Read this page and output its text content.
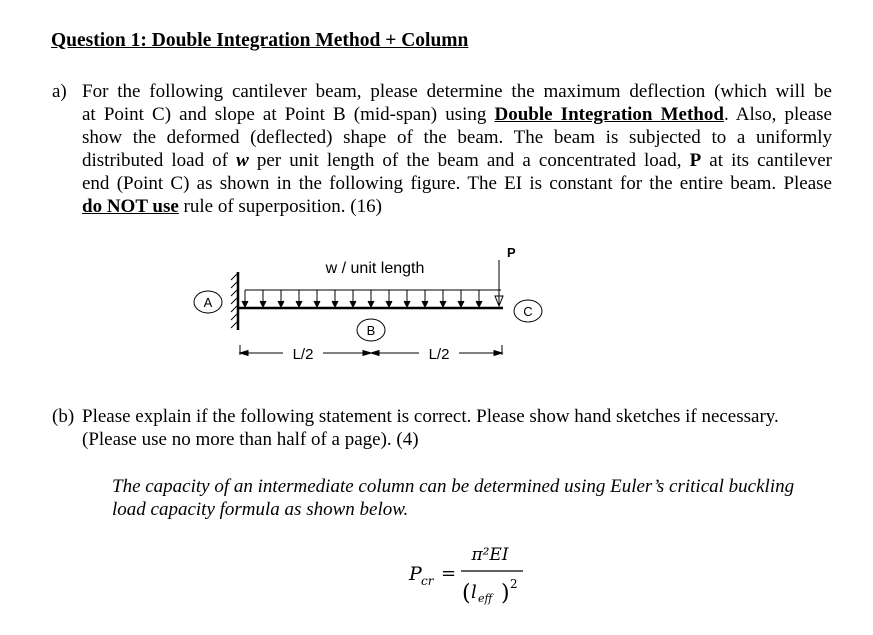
Question 1: Double Integration Method + Column
a) For the following cantilever beam, please determine the maximum deflection (which will be
at Point C) and slope at Point B (mid-span) using Double Integration Method. Also, please
show the deformed (deflected) shape of the beam. The beam is subjected to a uniformly
distributed load of w per unit length of the beam and a concentrated load, P at its cantilever
end (Point C) as shown in the following figure. The EI is constant for the entire beam. Please
do NOT use rule of superposition. (16)
A
w / unit length
P
C
B
L/2	L/2
(b) Please explain if the following statement is correct. Please show hand sketches if necessary.
(Please use no more than half of a page). (4)
The capacity of an intermediate column can be determined using Euler’s critical buckling
load capacity formula as shown below.
P cr =
π²EI
( l eff ) 2
